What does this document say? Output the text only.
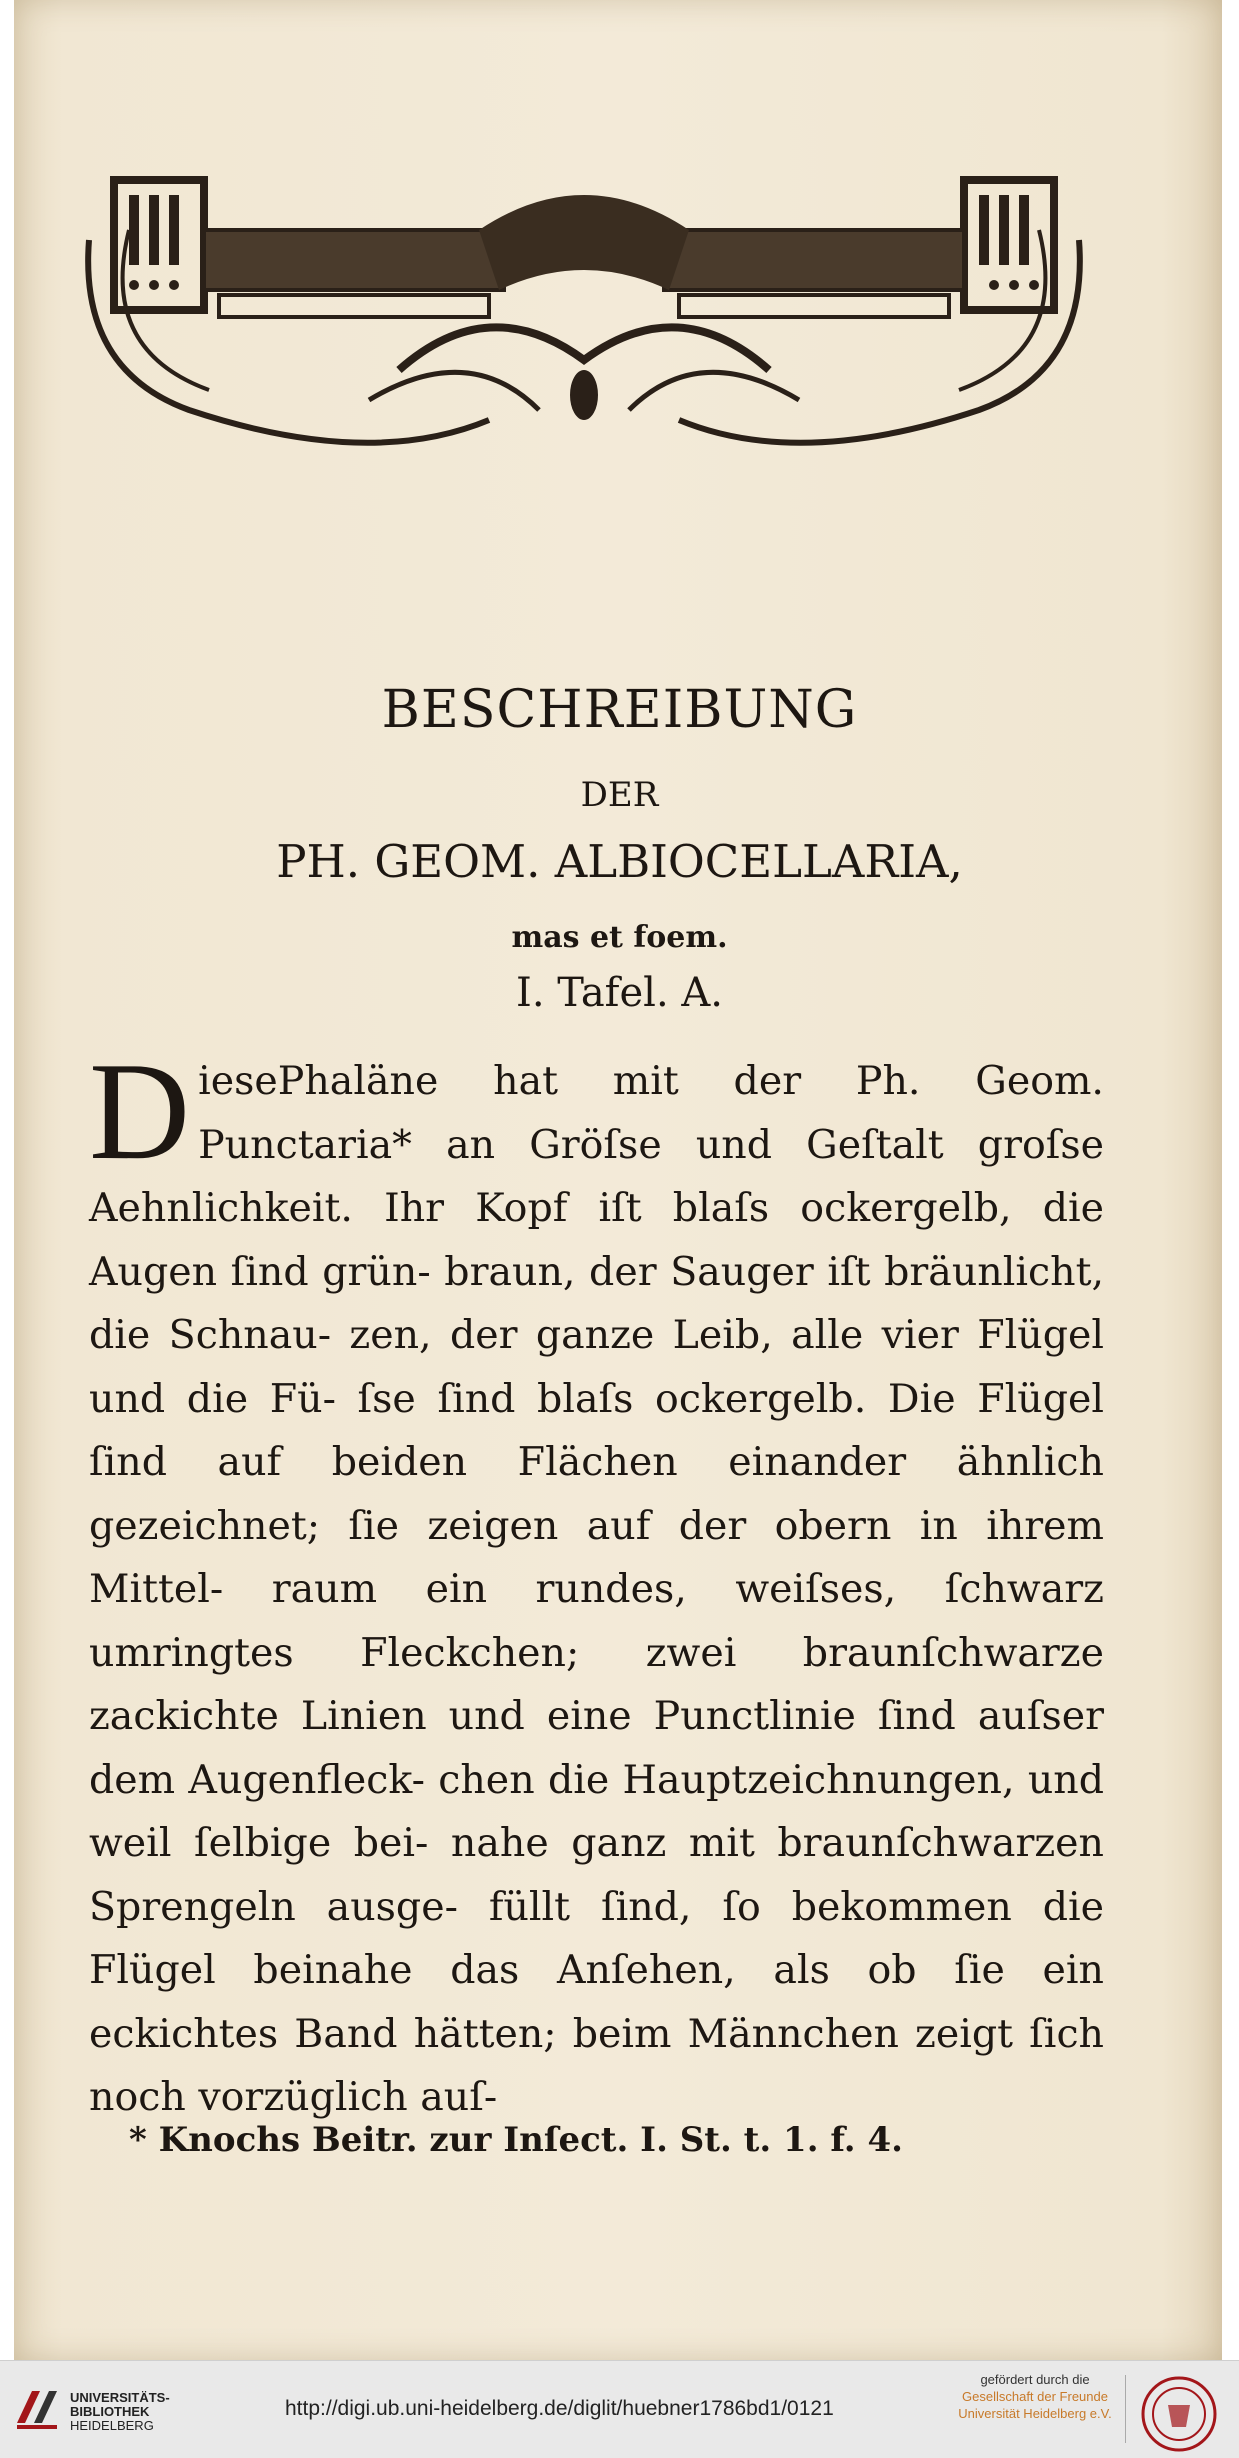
BESCHREIBUNG
DER
PH. GEOM. ALBIOCELLARIA,
mas et foem.
I. Tafel. A.
D iesePhaläne hat mit der Ph. Geom. Punctaria* an Gröſse und Geſtalt groſse Aehnlichkeit. Ihr Kopf iſt blaſs ockergelb, die Augen ſind grün- braun, der Sauger iſt bräunlicht, die Schnau- zen, der ganze Leib, alle vier Flügel und die Fü- ſse ſind blaſs ockergelb. Die Flügel ſind auf beiden Flächen einander ähnlich gezeichnet; ſie zeigen auf der obern in ihrem Mittel- raum ein rundes, weiſses, ſchwarz umringtes Fleckchen; zwei braunſchwarze zackichte Linien und eine Punctlinie ſind auſser dem Augenfleck- chen die Hauptzeichnungen, und weil ſelbige bei- nahe ganz mit braunſchwarzen Sprengeln ausge- füllt ſind, ſo bekommen die Flügel beinahe das Anſehen, als ob ſie ein eckichtes Band hätten; beim Männchen zeigt ſich noch vorzüglich auſ-
* Knochs Beitr. zur Inſect. I. St. t. 1. f. 4.
UNIVERSITÄTS-
BIBLIOTHEK
HEIDELBERG
http://digi.ub.uni-heidelberg.de/diglit/huebner1786bd1/0121
gefördert durch die
Gesellschaft der Freunde
Universität Heidelberg e.V.
